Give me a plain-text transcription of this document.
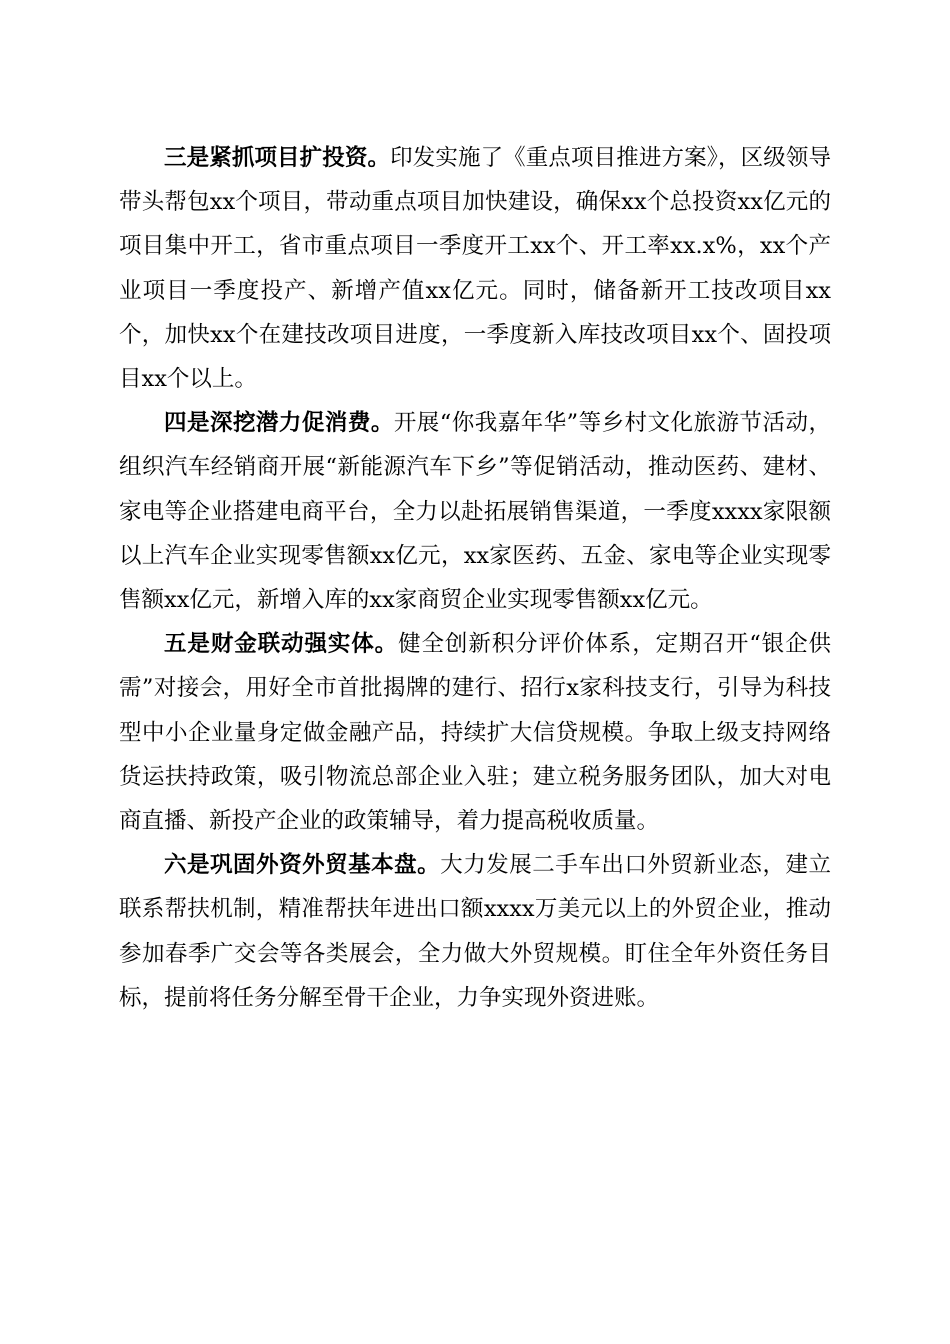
三是紧抓项目扩投资。印发实施了《重点项目推进方案》，区级领导带头帮包xx个项目，带动重点项目加快建设，确保xx个总投资xx亿元的项目集中开工，省市重点项目一季度开工xx个、开工率xx.x%，xx个产业项目一季度投产、新增产值xx亿元。同时，储备新开工技改项目xx个，加快xx个在建技改项目进度，一季度新入库技改项目xx个、固投项目xx个以上。

四是深挖潜力促消费。开展“你我嘉年华”等乡村文化旅游节活动，组织汽车经销商开展“新能源汽车下乡”等促销活动，推动医药、建材、家电等企业搭建电商平台，全力以赴拓展销售渠道，一季度xxxx家限额以上汽车企业实现零售额xx亿元，xx家医药、五金、家电等企业实现零售额xx亿元，新增入库的xx家商贸企业实现零售额xx亿元。

五是财金联动强实体。健全创新积分评价体系，定期召开“银企供需”对接会，用好全市首批揭牌的建行、招行x家科技支行，引导为科技型中小企业量身定做金融产品，持续扩大信贷规模。争取上级支持网络货运扶持政策，吸引物流总部企业入驻；建立税务服务团队，加大对电商直播、新投产企业的政策辅导，着力提高税收质量。

六是巩固外资外贸基本盘。大力发展二手车出口外贸新业态，建立联系帮扶机制，精准帮扶年进出口额xxxx万美元以上的外贸企业，推动参加春季广交会等各类展会，全力做大外贸规模。盯住全年外资任务目标，提前将任务分解至骨干企业，力争实现外资进账。
